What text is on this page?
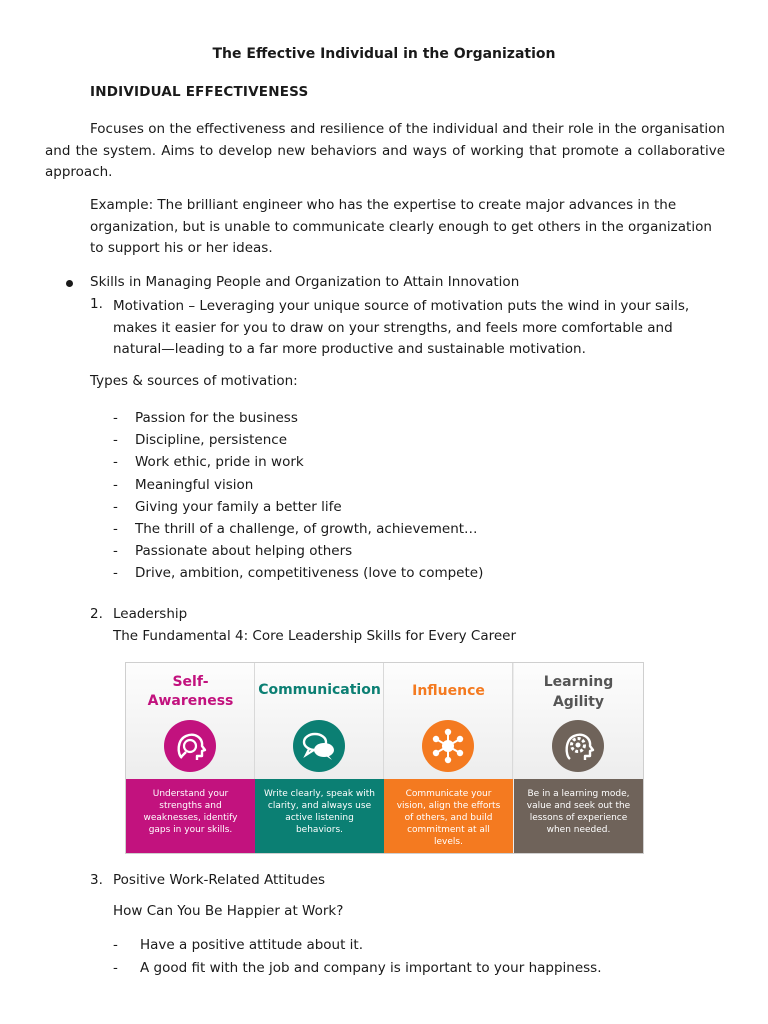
The Effective Individual in the Organization
INDIVIDUAL EFFECTIVENESS
Focuses on the effectiveness and resilience of the individual and their role in the organisation and the system. Aims to develop new behaviors and ways of working that promote a collaborative approach.
Example: The brilliant engineer who has the expertise to create major advances in the organization, but is unable to communicate clearly enough to get others in the organization to support his or her ideas.
Skills in Managing People and Organization to Attain Innovation
1. Motivation – Leveraging your unique source of motivation puts the wind in your sails, makes it easier for you to draw on your strengths, and feels more comfortable and natural—leading to a far more productive and sustainable motivation.
Types & sources of motivation:
- Passion for the business
- Discipline, persistence
- Work ethic, pride in work
- Meaningful vision
- Giving your family a better life
- The thrill of a challenge, of growth, achievement…
- Passionate about helping others
- Drive, ambition, competitiveness (love to compete)
2. Leadership
The Fundamental 4: Core Leadership Skills for Every Career
Self-
Awareness
Understand your strengths and weaknesses, identify gaps in your skills.
Communication
Write clearly, speak with clarity, and always use active listening behaviors.
Influence
Communicate your vision, align the efforts of others, and build commitment at all levels.
Learning
Agility
Be in a learning mode, value and seek out the lessons of experience when needed.
3. Positive Work-Related Attitudes
How Can You Be Happier at Work?
- Have a positive attitude about it.
- A good fit with the job and company is important to your happiness.
